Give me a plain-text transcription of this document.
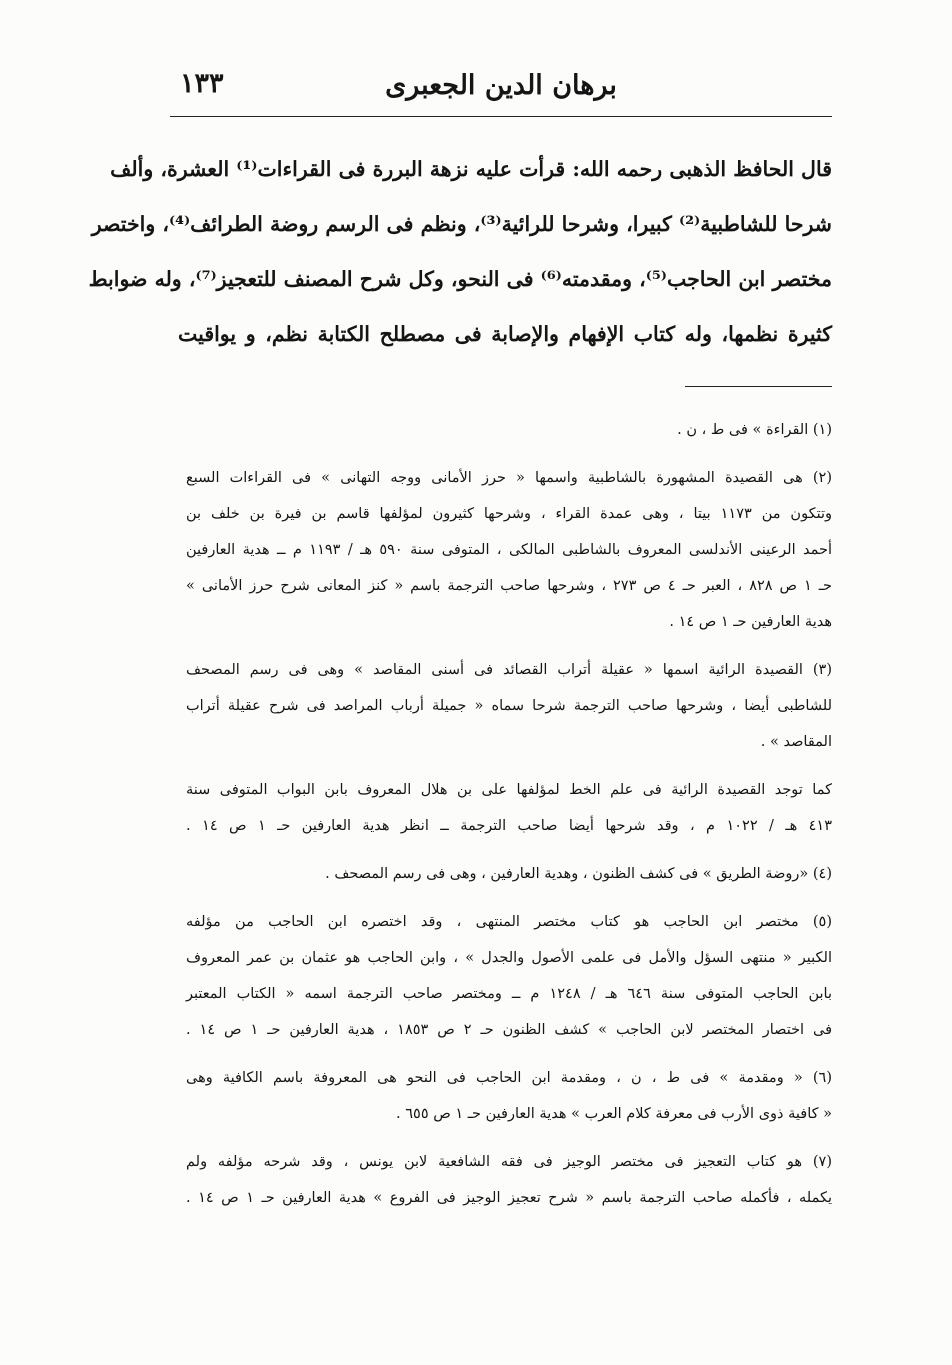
برهان الدين الجعبرى
١٣٣
قال الحافظ الذهبى رحمه الله: قرأت عليه نزهة البررة فى القراءات⁽¹⁾ العشرة، وألف
شرحا للشاطبية⁽²⁾ كبيرا، وشرحا للرائية⁽³⁾، ونظم فى الرسم روضة الطرائف⁽⁴⁾، واختصر
مختصر ابن الحاجب⁽⁵⁾، ومقدمته⁽⁶⁾ فى النحو، وكل شرح المصنف للتعجيز⁽⁷⁾، وله ضوابط
كثيرة نظمها، وله كتاب الإفهام والإصابة فى مصطلح الكتابة نظم، و يواقيت
(١) القراءة » فى ط ، ن .
(٢) هى القصيدة المشهورة بالشاطبية واسمها « حرز الأمانى ووجه التهانى » فى القراءات السبع
وتتكون من ١١٧٣ بيتا ، وهى عمدة القراء ، وشرحها كثيرون لمؤلفها قاسم بن فيرة بن خلف بن
أحمد الرعينى الأندلسى المعروف بالشاطبى المالكى ، المتوفى سنة ٥٩٠ هـ / ١١٩٣ م ــ هدية العارفين
حـ ١ ص ٨٢٨ ، العبر حـ ٤ ص ٢٧٣ ، وشرحها صاحب الترجمة باسم « كنز المعانى شرح حرز الأمانى »
هدية العارفين حـ ١ ص ١٤ .
(٣) القصيدة الرائية اسمها « عقيلة أتراب القصائد فى أسنى المقاصد » وهى فى رسم المصحف
للشاطبى أيضا ، وشرحها صاحب الترجمة شرحا سماه « جميلة أرباب المراصد فى شرح عقيلة أتراب
المقاصد » .
كما توجد القصيدة الرائية فى علم الخط لمؤلفها على بن هلال المعروف بابن البواب المتوفى سنة
٤١٣ هـ / ١٠٢٢ م ، وقد شرحها أيضا صاحب الترجمة ــ انظر هدية العارفين حـ ١ ص ١٤ .
(٤) «روضة الطريق » فى كشف الظنون ، وهدية العارفين ، وهى فى رسم المصحف .
(٥) مختصر ابن الحاجب هو كتاب مختصر المنتهى ، وقد اختصره ابن الحاجب من مؤلفه
الكبير « منتهى السؤل والأمل فى علمى الأصول والجدل » ، وابن الحاجب هو عثمان بن عمر المعروف
بابن الحاجب المتوفى سنة ٦٤٦ هـ / ١٢٤٨ م ــ ومختصر صاحب الترجمة اسمه « الكتاب المعتبر
فى اختصار المختصر لابن الحاجب » كشف الظنون حـ ٢ ص ١٨٥٣ ، هدية العارفين حـ ١ ص ١٤ .
(٦) « ومقدمة » فى ط ، ن ، ومقدمة ابن الحاجب فى النحو هى المعروفة باسم الكافية وهى
« كافية ذوى الأرب فى معرفة كلام العرب » هدية العارفين حـ ١ ص ٦٥٥ .
(٧) هو كتاب التعجيز فى مختصر الوجيز فى فقه الشافعية لابن يونس ، وقد شرحه مؤلفه ولم
يكمله ، فأكمله صاحب الترجمة باسم « شرح تعجيز الوجيز فى الفروع » هدية العارفين حـ ١ ص ١٤ .
